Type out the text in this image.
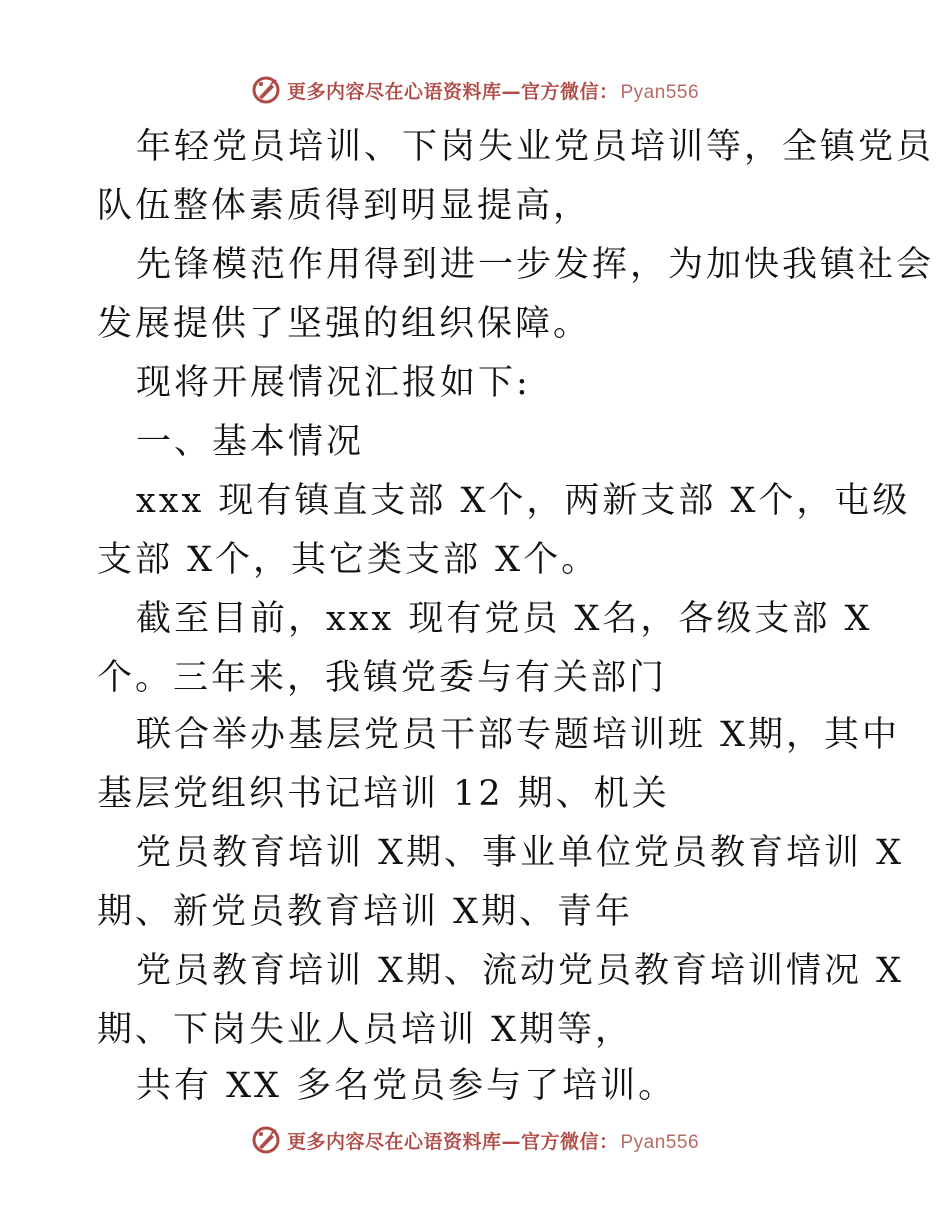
更多内容尽在心语资料库—官方微信： Pyan556
年轻党员培训、下岗失业党员培训等，全镇党员
队伍整体素质得到明显提高，
先锋模范作用得到进一步发挥，为加快我镇社会
发展提供了坚强的组织保障。
现将开展情况汇报如下:
一、基本情况
xxx 现有镇直支部 X个，两新支部 X个，屯级
支部 X个，其它类支部 X个。
截至目前，xxx 现有党员 X名，各级支部 X
个。三年来，我镇党委与有关部门
联合举办基层党员干部专题培训班 X期，其中
基层党组织书记培训 12 期、机关
党员教育培训 X期、事业单位党员教育培训 X
期、新党员教育培训 X期、青年
党员教育培训 X期、流动党员教育培训情况 X
期、下岗失业人员培训 X期等，
共有 XX 多名党员参与了培训。
更多内容尽在心语资料库—官方微信： Pyan556
